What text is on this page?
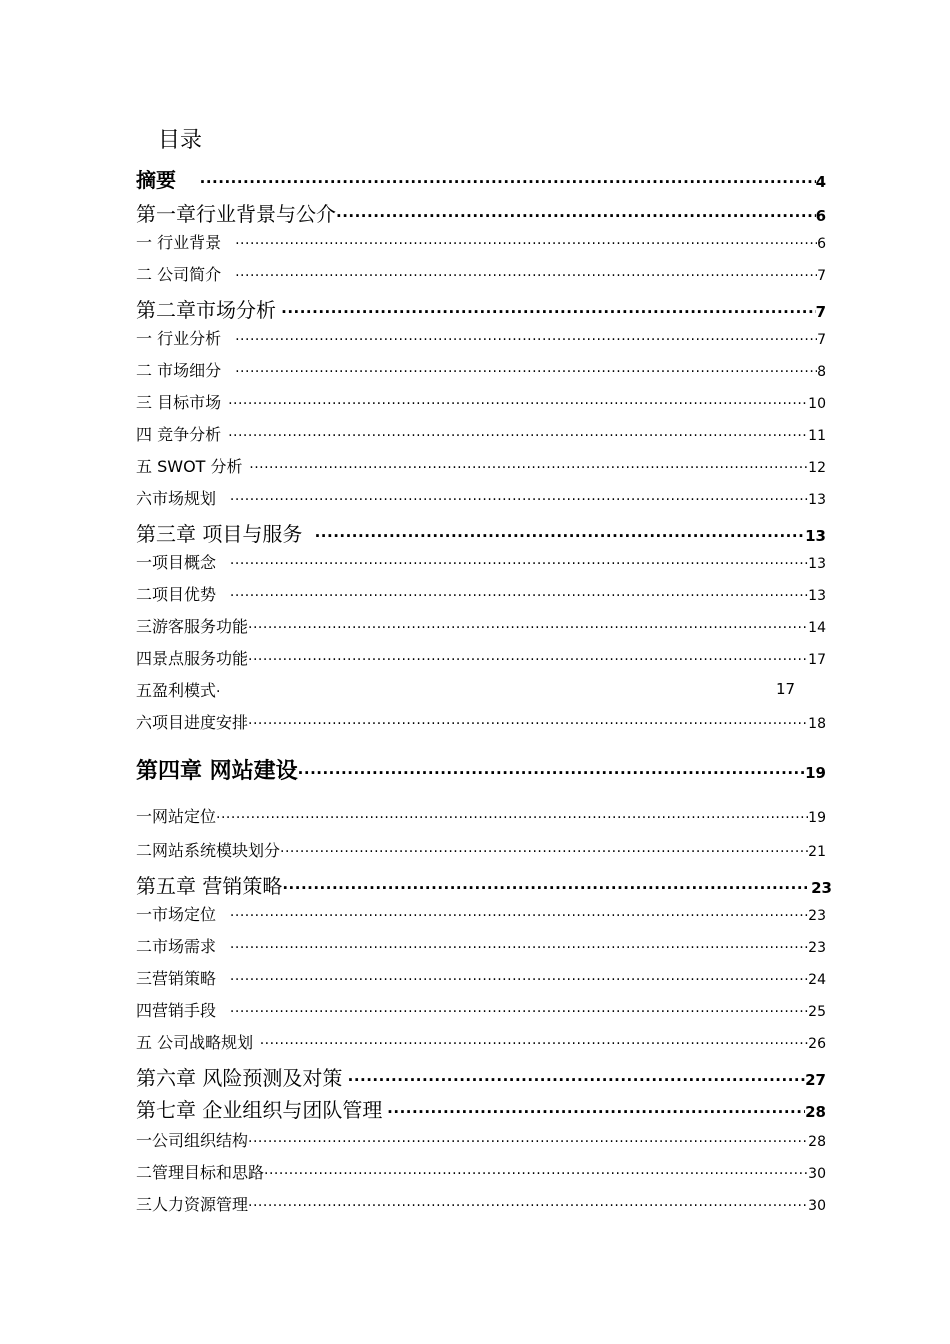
目录
摘要 ·····	4
第一章行业背景与公介 ·····	6
一 行业背景 ·····	6
二 公司简介 ·····	7
第二章市场分析 ·····	7
一 行业分析 ·····	7
二 市场细分 ·····	8
三 目标市场 ·····	10
四 竞争分析 ·····	11
五 SWOT 分析 ·····	12
六市场规划 ·····	13
第三章 项目与服务 ·····	13
一项目概念 ·····	13
二项目优势 ·····	13
三游客服务功能 ·····	14
四景点服务功能 ·····	17
五盈利模式 ·	17
六项目进度安排 ·····	18
第四章 网站建设 ·····	19
一网站定位 ·····	19
二网站系统模块划分 ·····	21
第五章 营销策略 ·····	23
一市场定位 ·····	23
二市场需求 ·····	23
三营销策略 ·····	24
四营销手段 ·····	25
五 公司战略规划 ·····	26
第六章 风险预测及对策 ·····	27
第七章 企业组织与团队管理 ·····	28
一公司组织结构 ·····	28
二管理目标和思路 ·····	30
三人力资源管理 ·····	30
